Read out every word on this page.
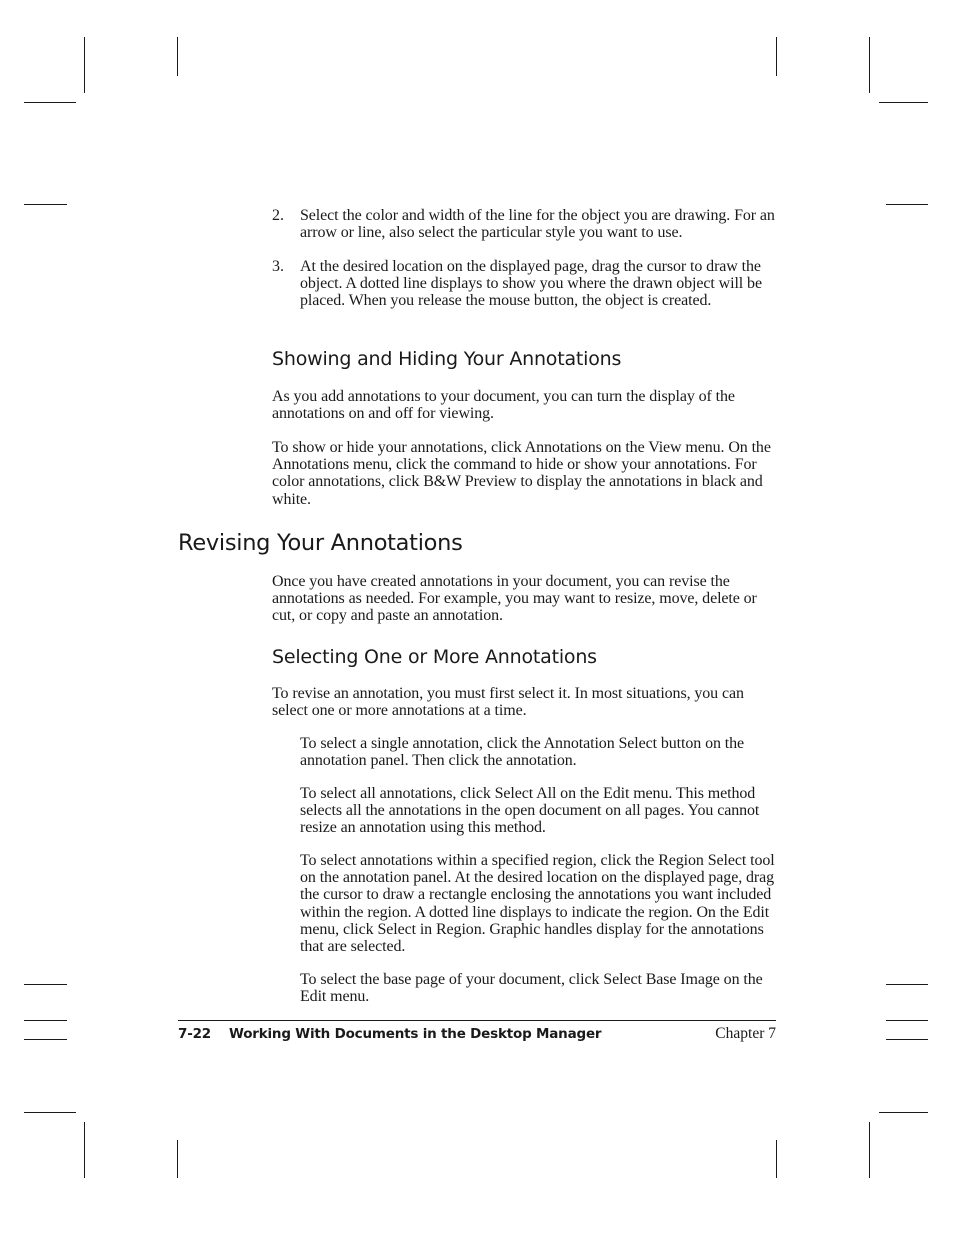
2. Select the color and width of the line for the object you are drawing. For an arrow or line, also select the particular style you want to use.

3. At the desired location on the displayed page, drag the cursor to draw the object. A dotted line displays to show you where the drawn object will be placed. When you release the mouse button, the object is created.

Showing and Hiding Your Annotations

As you add annotations to your document, you can turn the display of the annotations on and off for viewing.

To show or hide your annotations, click Annotations on the View menu. On the Annotations menu, click the command to hide or show your annotations. For color annotations, click B&W Preview to display the annotations in black and white.

Revising Your Annotations

Once you have created annotations in your document, you can revise the annotations as needed. For example, you may want to resize, move, delete or cut, or copy and paste an annotation.

Selecting One or More Annotations

To revise an annotation, you must first select it. In most situations, you can select one or more annotations at a time.

To select a single annotation, click the Annotation Select button on the annotation panel. Then click the annotation.

To select all annotations, click Select All on the Edit menu. This method selects all the annotations in the open document on all pages. You cannot resize an annotation using this method.

To select annotations within a specified region, click the Region Select tool on the annotation panel. At the desired location on the displayed page, drag the cursor to draw a rectangle enclosing the annotations you want included within the region. A dotted line displays to indicate the region. On the Edit menu, click Select in Region. Graphic handles display for the annotations that are selected.

To select the base page of your document, click Select Base Image on the Edit menu.

7-22 Working With Documents in the Desktop Manager	Chapter 7
